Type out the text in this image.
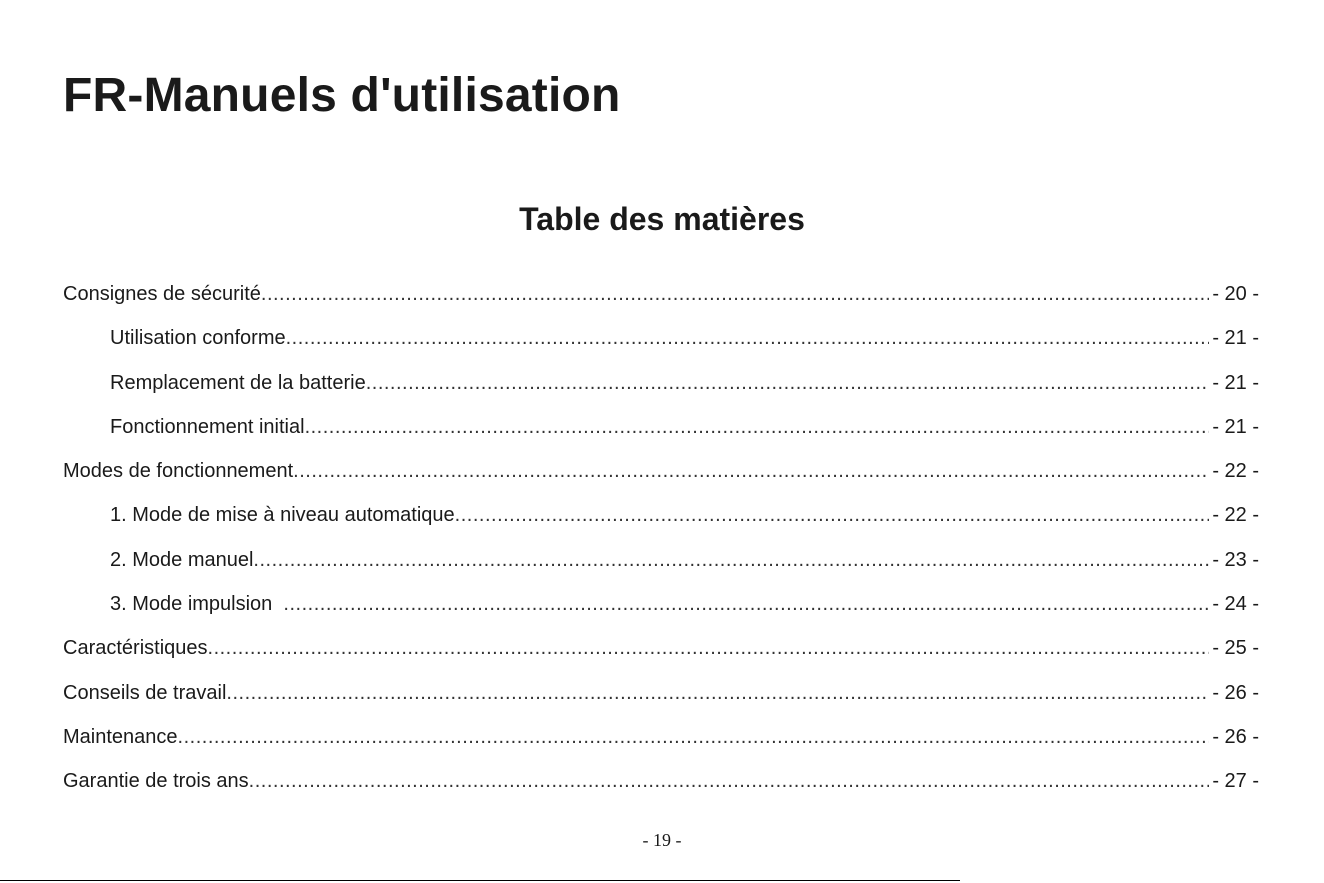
FR-Manuels d'utilisation
Table des matières
Consignes de sécurité .....	- 20 -
Utilisation conforme .....	- 21 -
Remplacement de la batterie .....	- 21 -
Fonctionnement initial .....	- 21 -
Modes de fonctionnement .....	- 22 -
1. Mode de mise à niveau automatique .....	- 22 -
2. Mode manuel .....	- 23 -
3. Mode impulsion .....	- 24 -
Caractéristiques .....	- 25 -
Conseils de travail .....	- 26 -
Maintenance .....	- 26 -
Garantie de trois ans .....	- 27 -
- 19 -
